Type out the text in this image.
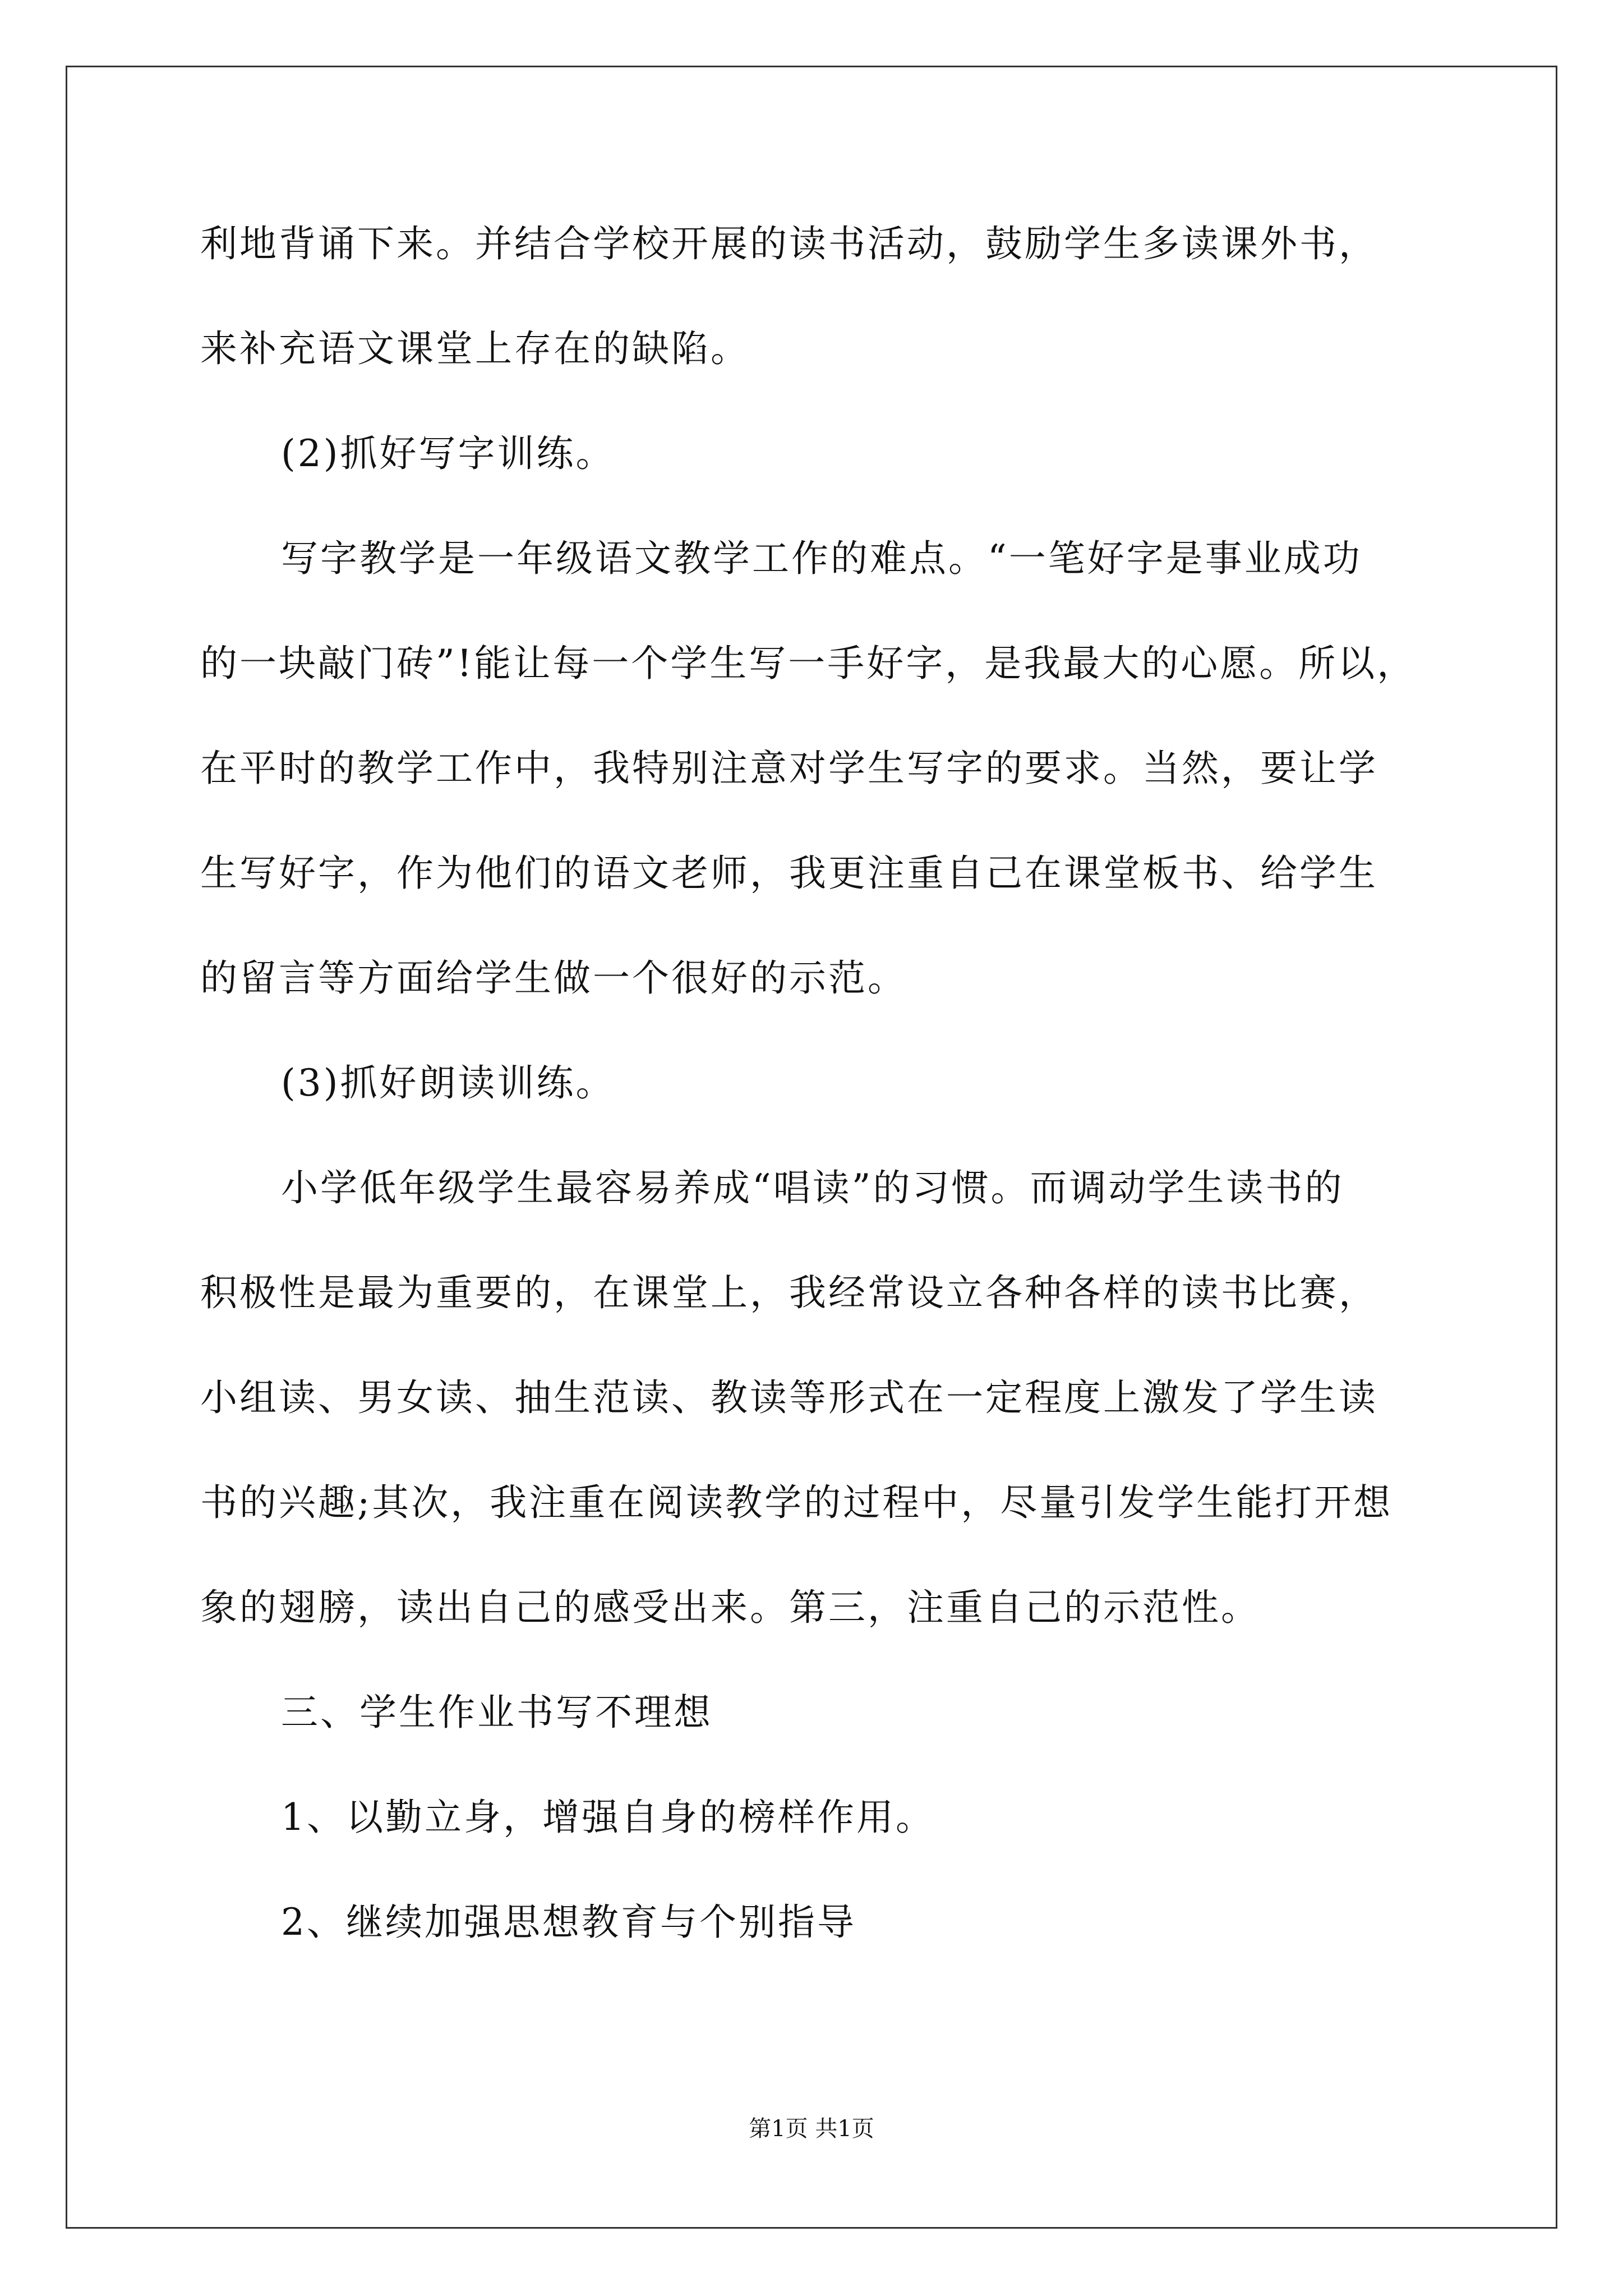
利地背诵下来。并结合学校开展的读书活动，鼓励学生多读课外书，
来补充语文课堂上存在的缺陷。
(2)抓好写字训练。
写字教学是一年级语文教学工作的难点。“一笔好字是事业成功
的一块敲门砖”!能让每一个学生写一手好字，是我最大的心愿。所以，
在平时的教学工作中，我特别注意对学生写字的要求。当然，要让学
生写好字，作为他们的语文老师，我更注重自己在课堂板书、给学生
的留言等方面给学生做一个很好的示范。
(3)抓好朗读训练。
小学低年级学生最容易养成“唱读”的习惯。而调动学生读书的
积极性是最为重要的，在课堂上，我经常设立各种各样的读书比赛，
小组读、男女读、抽生范读、教读等形式在一定程度上激发了学生读
书的兴趣;其次，我注重在阅读教学的过程中，尽量引发学生能打开想
象的翅膀，读出自己的感受出来。第三，注重自己的示范性。
三、学生作业书写不理想
1、以勤立身，增强自身的榜样作用。
2、继续加强思想教育与个别指导
第1页 共1页
